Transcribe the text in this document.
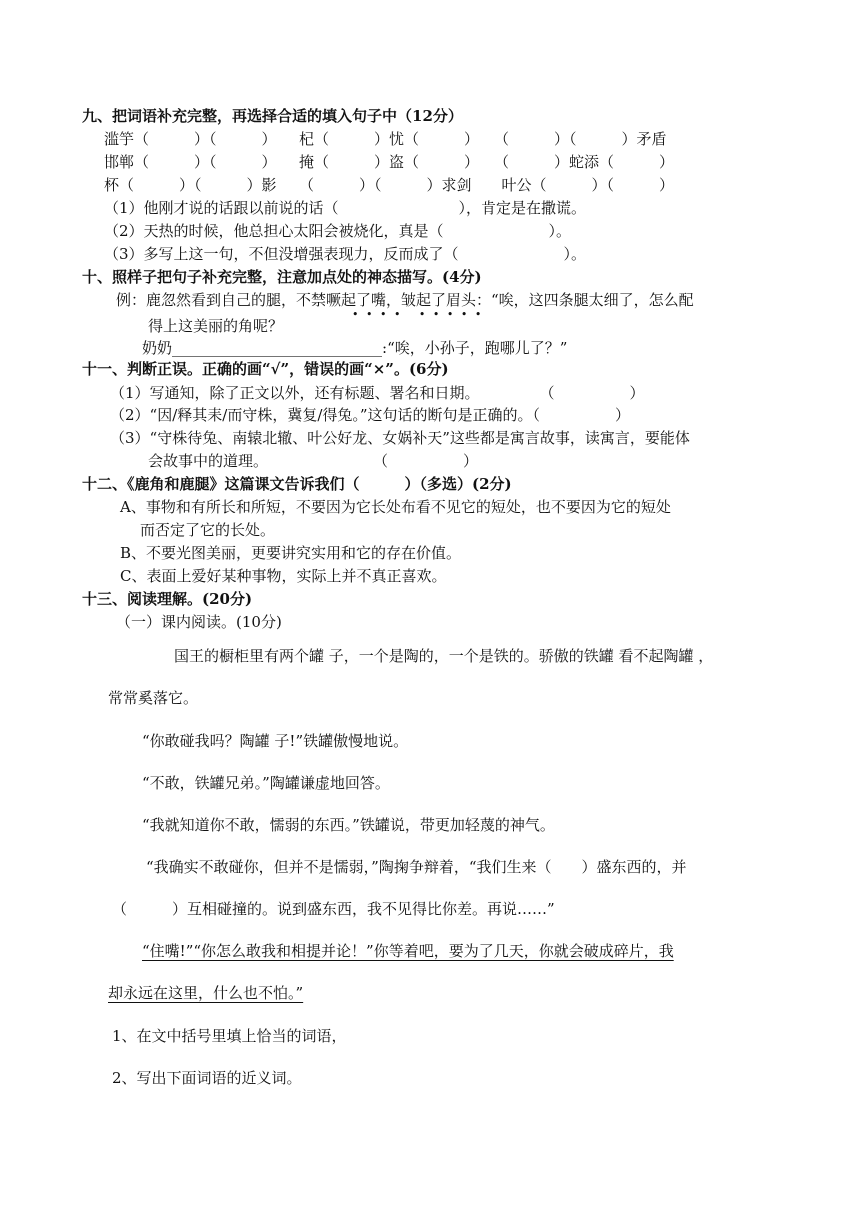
九、把词语补充完整，再选择合适的填入句子中（12分）
滥竽（　　　）（　　　）　　杞（　　　）忧（　　　）　　（　　　）（　　　）矛盾
邯郸（　　　）（　　　）　　掩（　　　）盗（　　　）　　（　　　）蛇添（　　　）
杯（　　　）（　　　）影　　（　　　）（　　　）求剑　　叶公（　　　）（　　　）
（1）他刚才说的话跟以前说的话（　　　　　　　　），肯定是在撒谎。
（2）天热的时候，他总担心太阳会被烧化，真是（　　　　　　　）。
（3）多写上这一句，不但没增强表现力，反而成了（　　　　　　　）。
十、照样子把句子补充完整，注意加点处的神态描写。(4分)
例：鹿忽然看到自己的腿，不禁噘起了嘴，皱起了眉头：“唉，这四条腿太细了，怎么配
• • • •   • • • • •
得上这美丽的角呢？
奶奶____________________________:“唉，小孙子，跑哪儿了？”
十一、判断正误。正确的画“√”，错误的画“×”。(6分)
（1）写通知，除了正文以外，还有标题、署名和日期。　　　　　（　　　　　）
（2）“因/释其耒/而守株，冀复/得兔。”这句话的断句是正确的。（　　　　　）
（3）“守株待兔、南辕北辙、叶公好龙、女娲补天”这些都是寓言故事，读寓言，要能体
会故事中的道理。　　　　　　　　（　　　　　）
十二、《鹿角和鹿腿》这篇课文告诉我们（　　　）（多选）(2分)
A、事物和有所长和所短，不要因为它长处布看不见它的短处，也不要因为它的短处
而否定了它的长处。
B、不要光图美丽，更要讲究实用和它的存在价值。
C、表面上爱好某种事物，实际上并不真正喜欢。
十三、阅读理解。(20分)
（一）课内阅读。(10分)
国王的橱柜里有两个罐 子，一个是陶的，一个是铁的。骄傲的铁罐 看不起陶罐 ，
常常奚落它。
“你敢碰我吗？陶罐 子!”铁罐傲慢地说。
“不敢，铁罐兄弟。”陶罐谦虚地回答。
“我就知道你不敢，懦弱的东西。”铁罐说，带更加轻蔑的神气。
“我确实不敢碰你，但并不是懦弱，”陶掬争辩着，“我们生来（　　）盛东西的，并
（　　　）互相碰撞的。说到盛东西，我不见得比你差。再说……”
“住嘴!”“你怎么敢我和相提并论！”你等着吧，要为了几天，你就会破成碎片，我
却永远在这里，什么也不怕。”
1、在文中括号里填上恰当的词语，
2、写出下面词语的近义词。
